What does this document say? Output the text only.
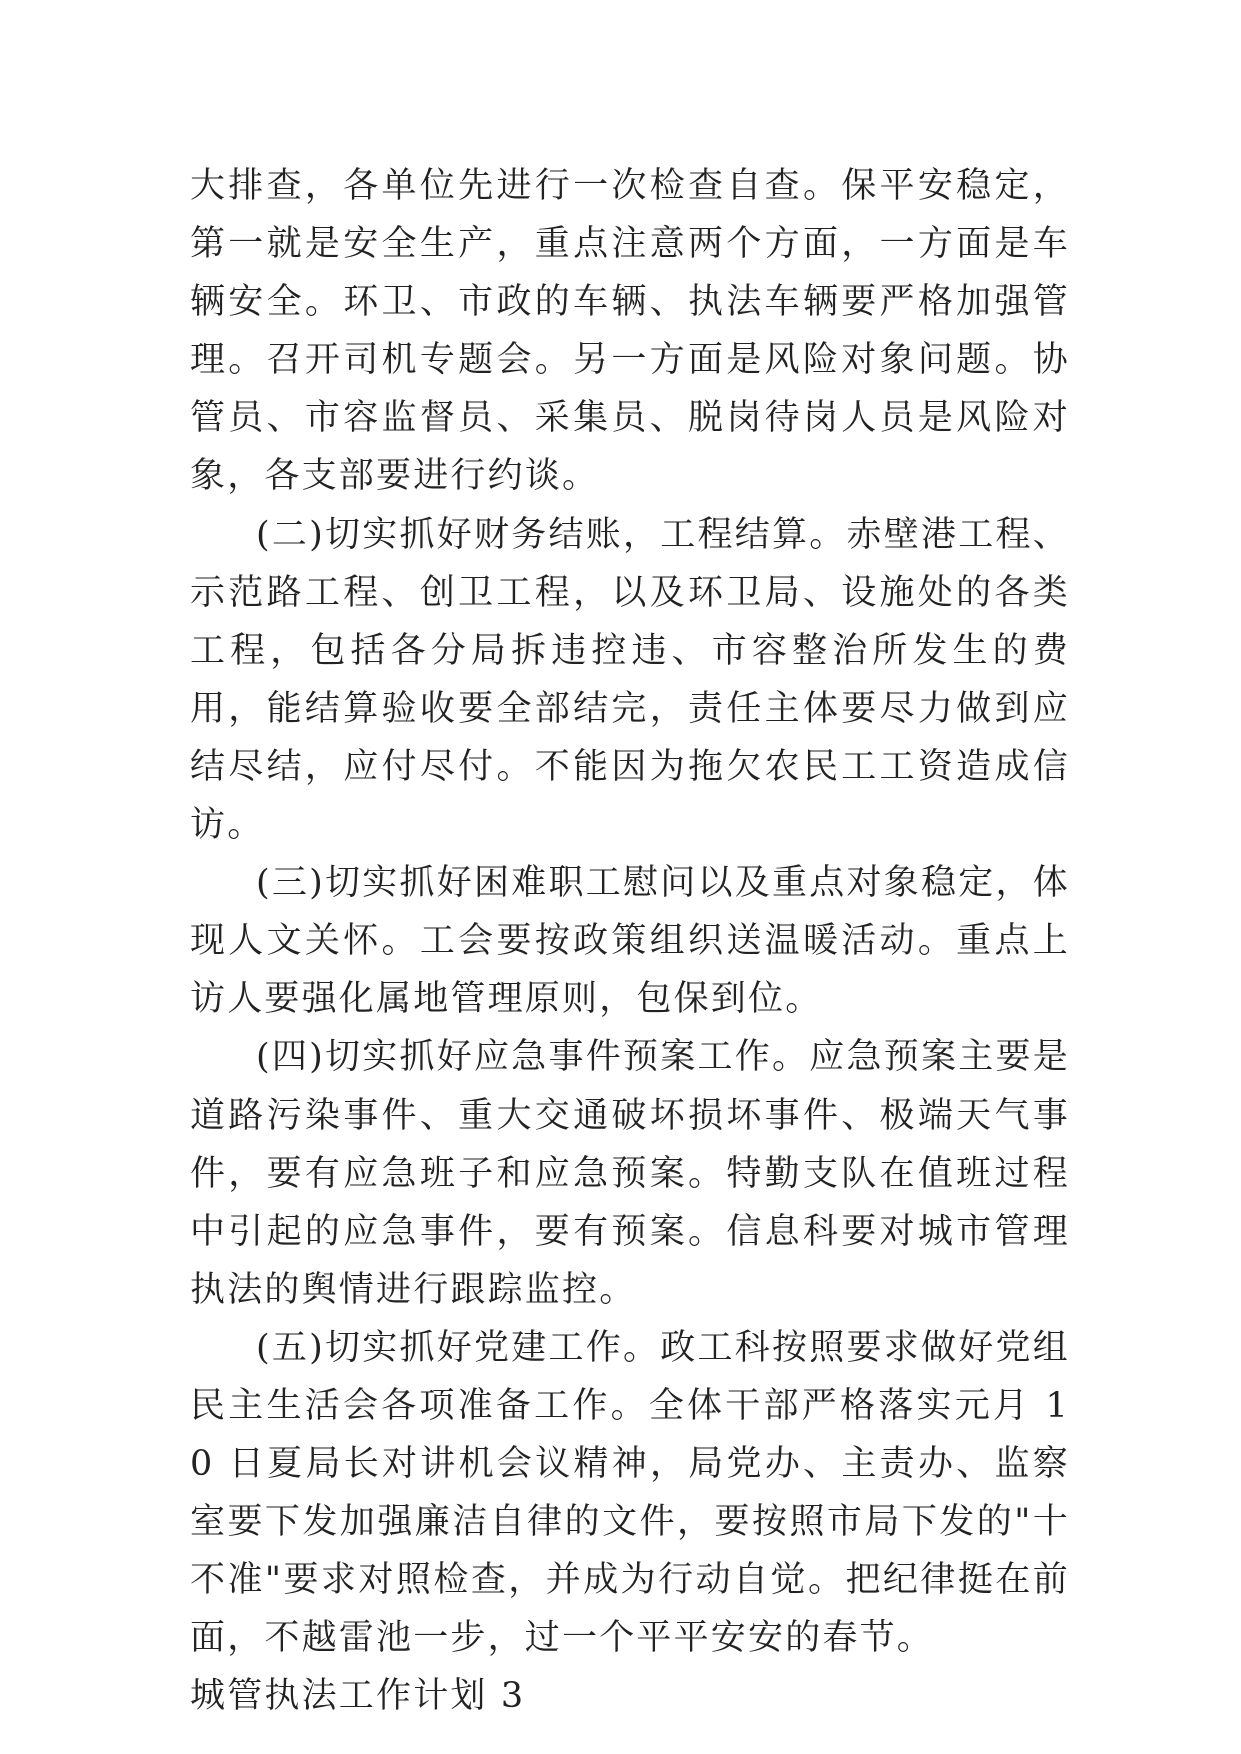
大排查，各单位先进行一次检查自查。保平安稳定，第一就是安全生产，重点注意两个方面，一方面是车辆安全。环卫、市政的车辆、执法车辆要严格加强管理。召开司机专题会。另一方面是风险对象问题。协管员、市容监督员、采集员、脱岗待岗人员是风险对象，各支部要进行约谈。

(二)切实抓好财务结账，工程结算。赤壁港工程、示范路工程、创卫工程，以及环卫局、设施处的各类工程，包括各分局拆违控违、市容整治所发生的费用，能结算验收要全部结完，责任主体要尽力做到应结尽结，应付尽付。不能因为拖欠农民工工资造成信访。

(三)切实抓好困难职工慰问以及重点对象稳定，体现人文关怀。工会要按政策组织送温暖活动。重点上访人要强化属地管理原则，包保到位。

(四)切实抓好应急事件预案工作。应急预案主要是道路污染事件、重大交通破坏损坏事件、极端天气事件，要有应急班子和应急预案。特勤支队在值班过程中引起的应急事件，要有预案。信息科要对城市管理执法的舆情进行跟踪监控。

(五)切实抓好党建工作。政工科按照要求做好党组民主生活会各项准备工作。全体干部严格落实元月 10 日夏局长对讲机会议精神，局党办、主责办、监察室要下发加强廉洁自律的文件，要按照市局下发的"十不准"要求对照检查，并成为行动自觉。把纪律挺在前面，不越雷池一步，过一个平平安安的春节。

城管执法工作计划 3
